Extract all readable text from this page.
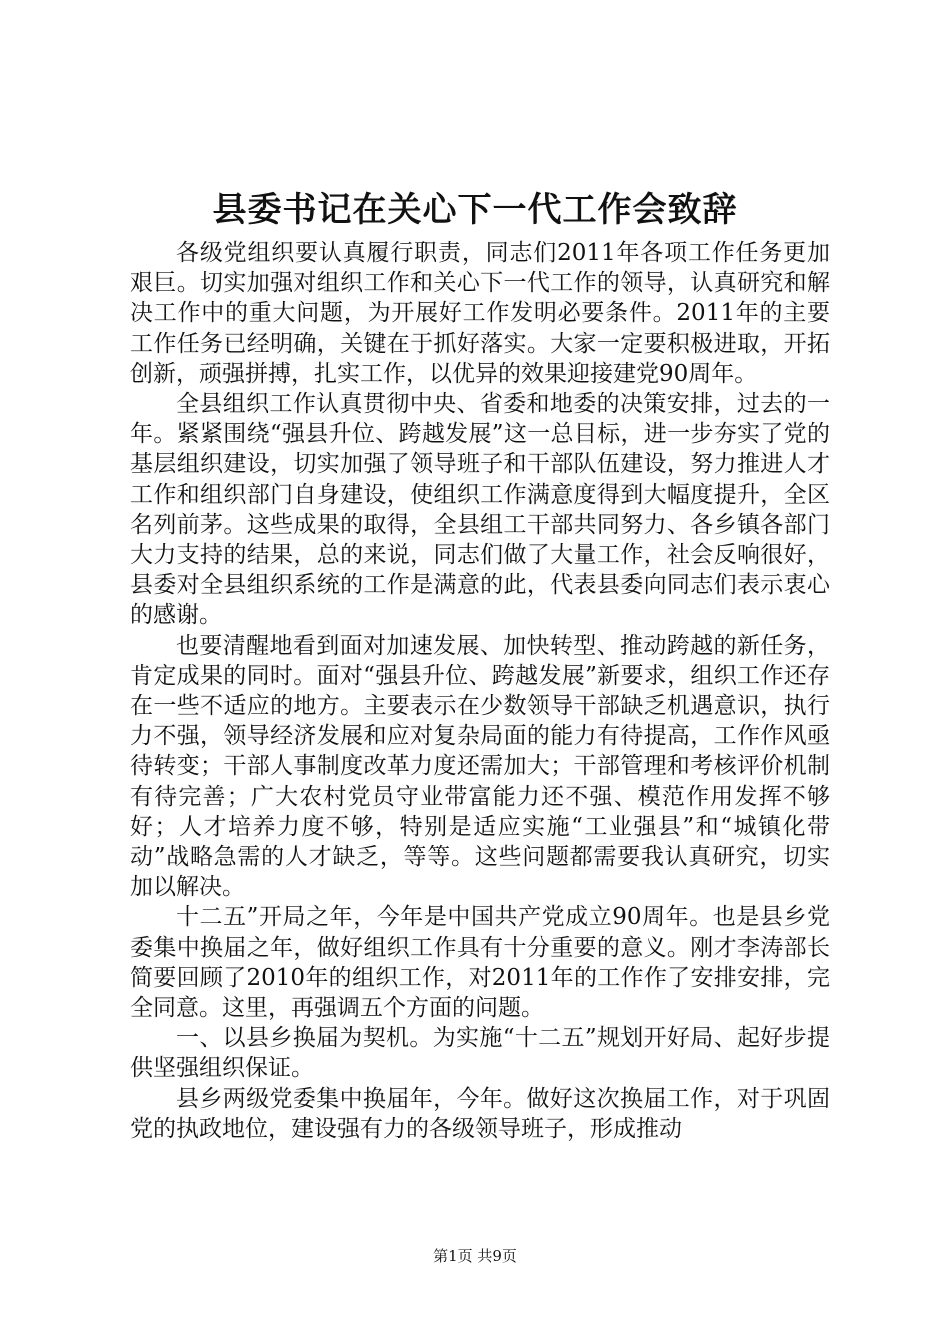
县委书记在关心下一代工作会致辞

各级党组织要认真履行职责，同志们2011年各项工作任务更加艰巨。切实加强对组织工作和关心下一代工作的领导，认真研究和解决工作中的重大问题，为开展好工作发明必要条件。2011年的主要工作任务已经明确，关键在于抓好落实。大家一定要积极进取，开拓创新，顽强拼搏，扎实工作，以优异的效果迎接建党90周年。

全县组织工作认真贯彻中央、省委和地委的决策安排，过去的一年。紧紧围绕“强县升位、跨越发展”这一总目标，进一步夯实了党的基层组织建设，切实加强了领导班子和干部队伍建设，努力推进人才工作和组织部门自身建设，使组织工作满意度得到大幅度提升，全区名列前茅。这些成果的取得，全县组工干部共同努力、各乡镇各部门大力支持的结果，总的来说，同志们做了大量工作，社会反响很好，县委对全县组织系统的工作是满意的此，代表县委向同志们表示衷心的感谢。

也要清醒地看到面对加速发展、加快转型、推动跨越的新任务，肯定成果的同时。面对“强县升位、跨越发展”新要求，组织工作还存在一些不适应的地方。主要表示在少数领导干部缺乏机遇意识，执行力不强，领导经济发展和应对复杂局面的能力有待提高，工作作风亟待转变；干部人事制度改革力度还需加大；干部管理和考核评价机制有待完善；广大农村党员守业带富能力还不强、模范作用发挥不够好；人才培养力度不够，特别是适应实施“工业强县”和“城镇化带动”战略急需的人才缺乏，等等。这些问题都需要我认真研究，切实加以解决。

十二五”开局之年，今年是中国共产党成立90周年。也是县乡党委集中换届之年，做好组织工作具有十分重要的意义。刚才李涛部长简要回顾了2010年的组织工作，对2011年的工作作了安排安排，完全同意。这里，再强调五个方面的问题。

一、以县乡换届为契机。为实施“十二五”规划开好局、起好步提供坚强组织保证。

县乡两级党委集中换届年，今年。做好这次换届工作，对于巩固党的执政地位，建设强有力的各级领导班子，形成推动

第1页 共9页
